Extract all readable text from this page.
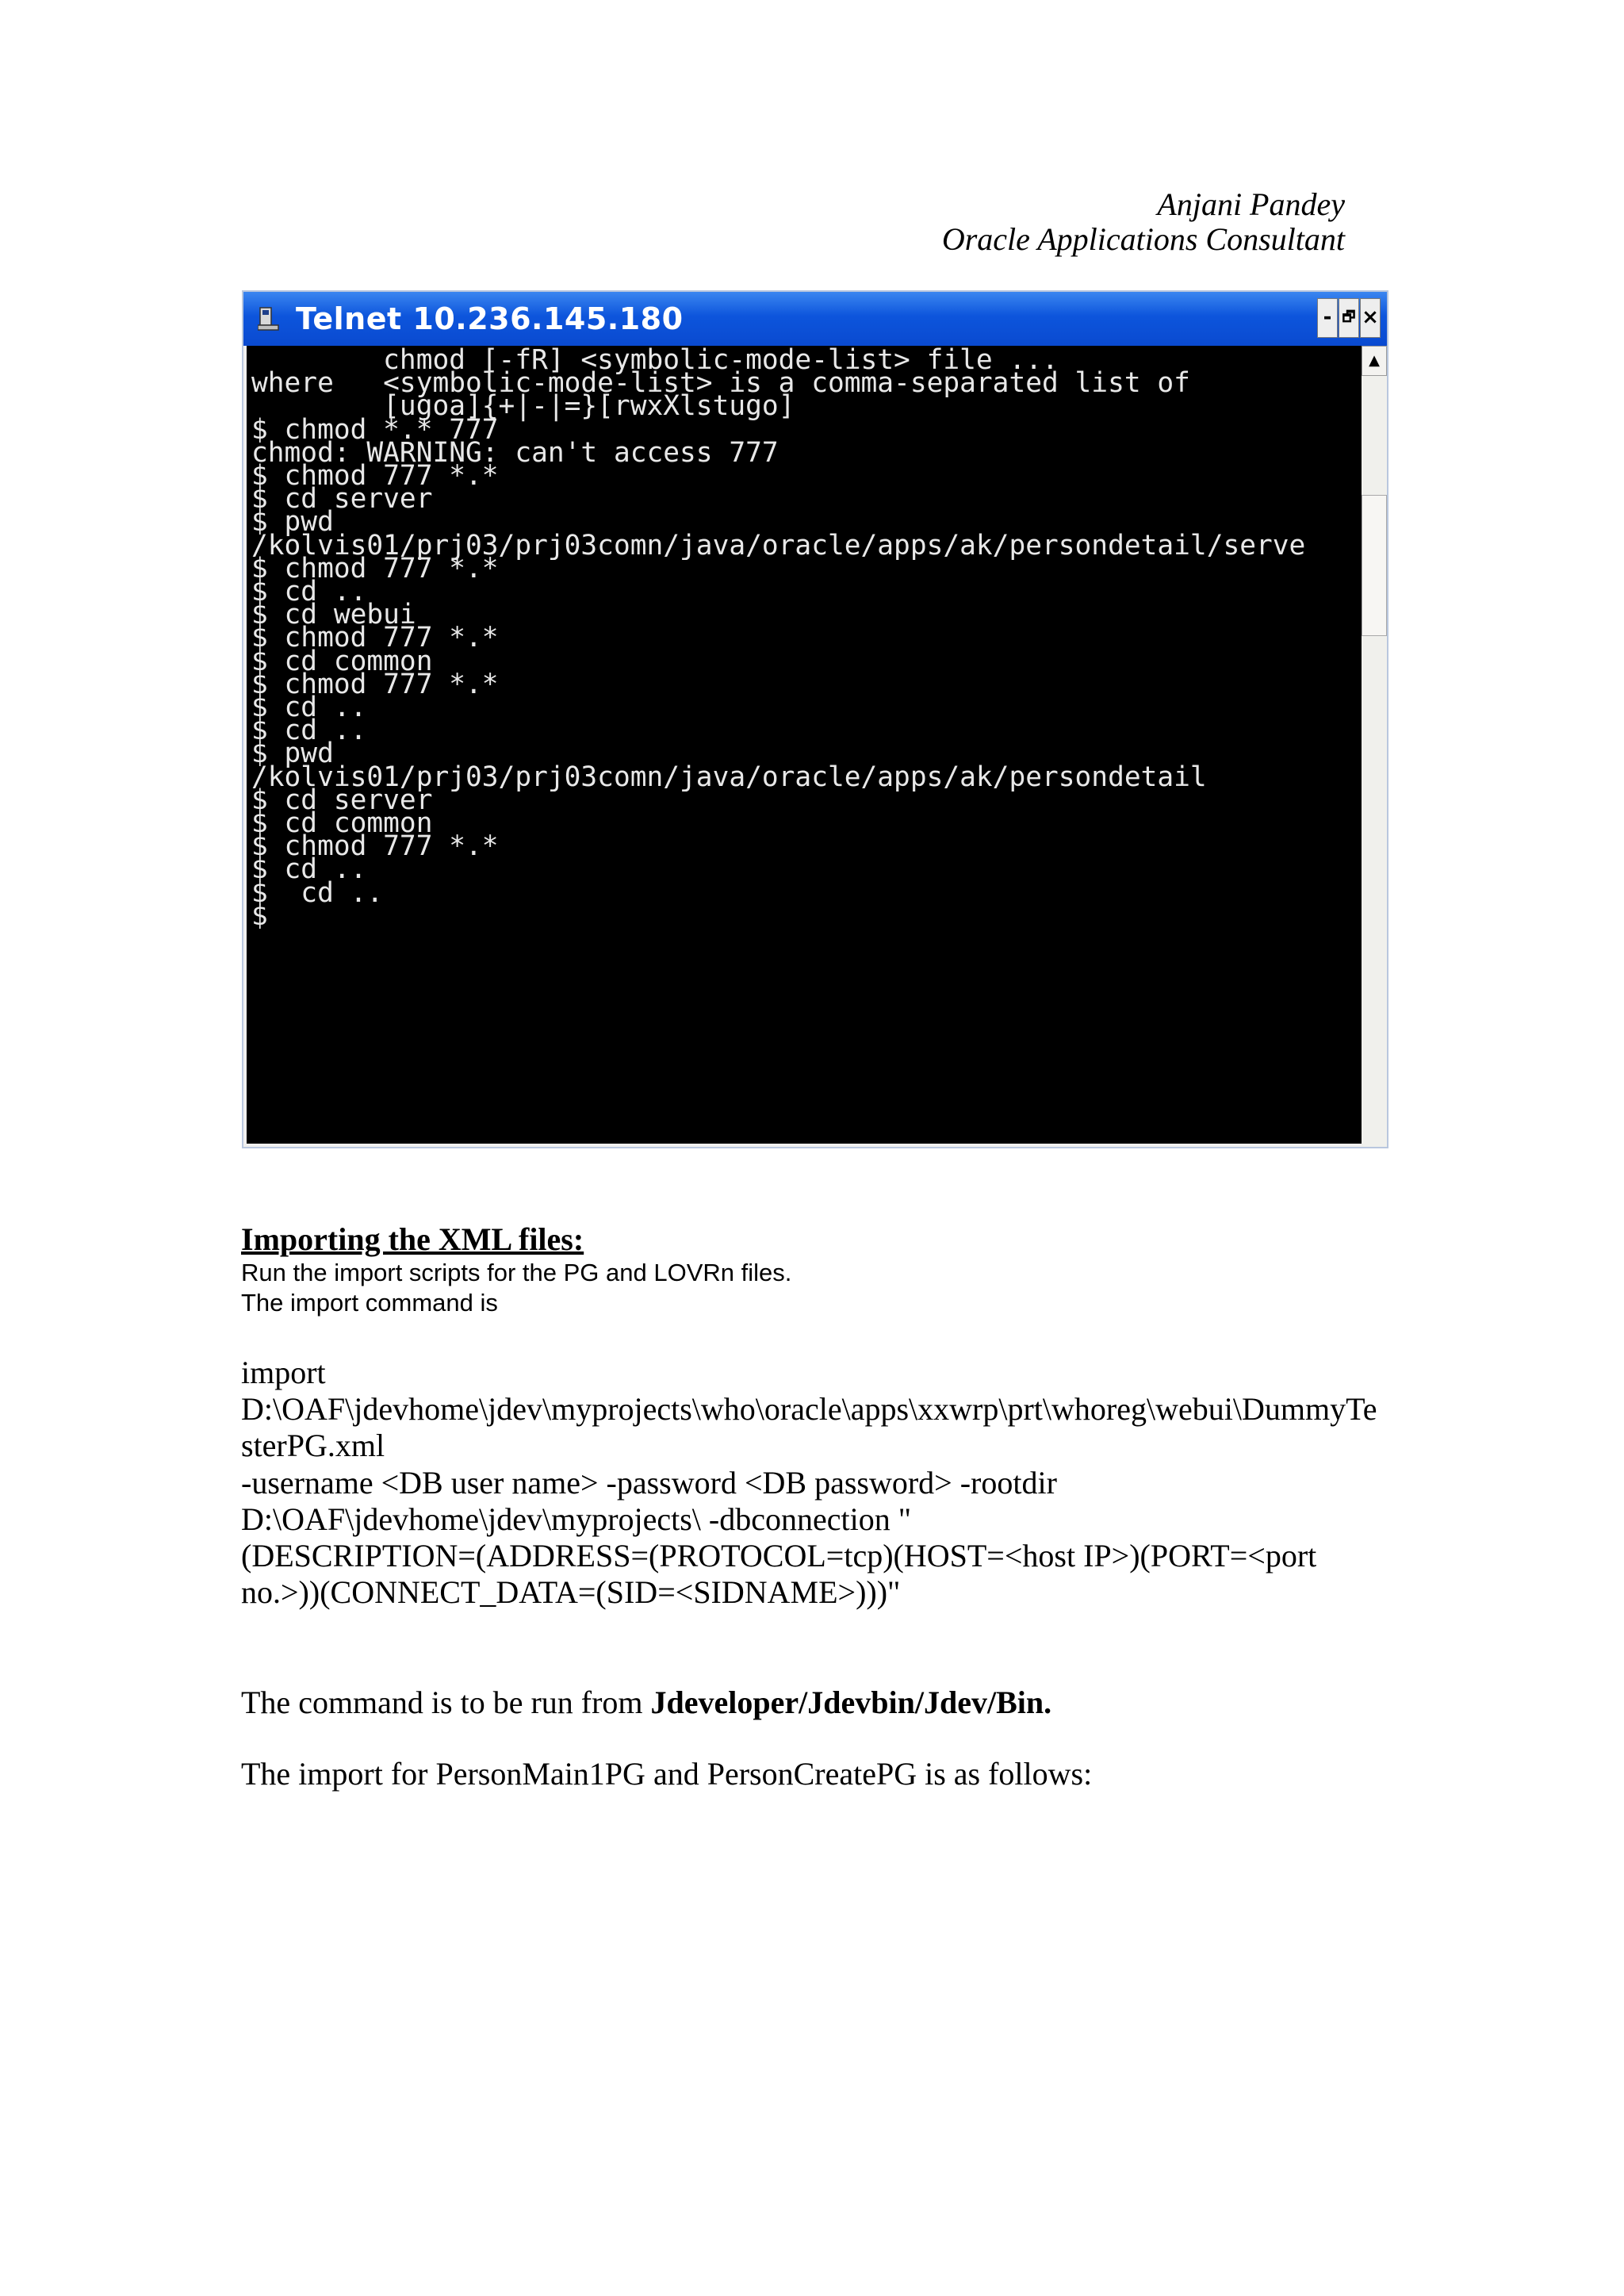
Anjani Pandey
Oracle Applications Consultant
Telnet 10.236.145.180	- 🗗 ×
chmod [-fR] <symbolic-mode-list> file ...
where   <symbolic-mode-list> is a comma-separated list of
[ugoa]{+|-|=}[rwxXlstugo]
$ chmod *.* 777
chmod: WARNING: can't access 777
$ chmod 777 *.*
$ cd server
$ pwd
/kolvis01/prj03/prj03comn/java/oracle/apps/ak/persondetail/serve
$ chmod 777 *.*
$ cd ..
$ cd webui
$ chmod 777 *.*
$ cd common
$ chmod 777 *.*
$ cd ..
$ cd ..
$ pwd
/kolvis01/prj03/prj03comn/java/oracle/apps/ak/persondetail
$ cd server
$ cd common
$ chmod 777 *.*
$ cd ..
$  cd ..
$
▲
Importing the XML files:
Run the import scripts for the PG and LOVRn files.
The import command is
import
D:\OAF\jdevhome\jdev\myprojects\who\oracle\apps\xxwrp\prt\whoreg\webui\DummyTe
sterPG.xml
-username <DB user name> -password <DB password> -rootdir
D:\OAF\jdevhome\jdev\myprojects\ -dbconnection "
(DESCRIPTION=(ADDRESS=(PROTOCOL=tcp)(HOST=<host IP>)(PORT=<port
no.>))(CONNECT_DATA=(SID=<SIDNAME>)))"
The command is to be run from Jdeveloper/Jdevbin/Jdev/Bin.
The import for PersonMain1PG and PersonCreatePG is as follows:
